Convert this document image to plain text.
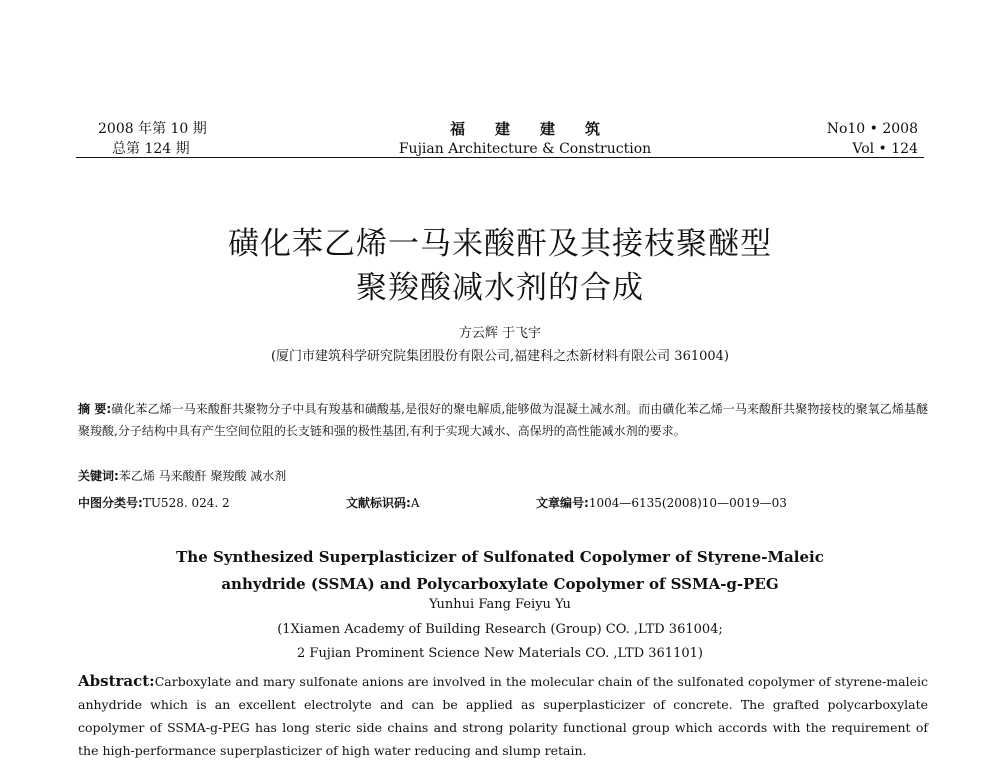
2008 年第 10 期
总第 124 期
福建建筑
Fujian Architecture & Construction
No10 • 2008
Vol • 124
磺化苯乙烯一马来酸酐及其接枝聚醚型
聚羧酸减水剂的合成
方云辉 于飞宇
(厦门市建筑科学研究院集团股份有限公司,福建科之杰新材料有限公司 361004)
摘 要:磺化苯乙烯一马来酸酐共聚物分子中具有羧基和磺酸基,是很好的聚电解质,能够做为混凝土减水剂。而由磺化苯乙烯一马来酸酐共聚物接枝的聚氧乙烯基醚聚羧酸,分子结构中具有产生空间位阻的长支链和强的极性基团,有利于实现大减水、高保坍的高性能减水剂的要求。
关键词:苯乙烯 马来酸酐 聚羧酸 减水剂
中图分类号:TU528. 024. 2	文献标识码:A	文章编号:1004—6135(2008)10—0019—03
The Synthesized Superplasticizer of Sulfonated Copolymer of Styrene-Maleic
anhydride (SSMA) and Polycarboxylate Copolymer of SSMA-g-PEG
Yunhui Fang Feiyu Yu
(1Xiamen Academy of Building Research (Group) CO. ,LTD 361004;
2 Fujian Prominent Science New Materials CO. ,LTD 361101)
Abstract:Carboxylate and mary sulfonate anions are involved in the molecular chain of the sulfonated copolymer of styrene-maleic anhydride which is an excellent electrolyte and can be applied as superplasticizer of concrete. The grafted polycarboxylate copolymer of SSMA-g-PEG has long steric side chains and strong polarity functional group which accords with the requirement of the high-performance superplasticizer of high water reducing and slump retain.
